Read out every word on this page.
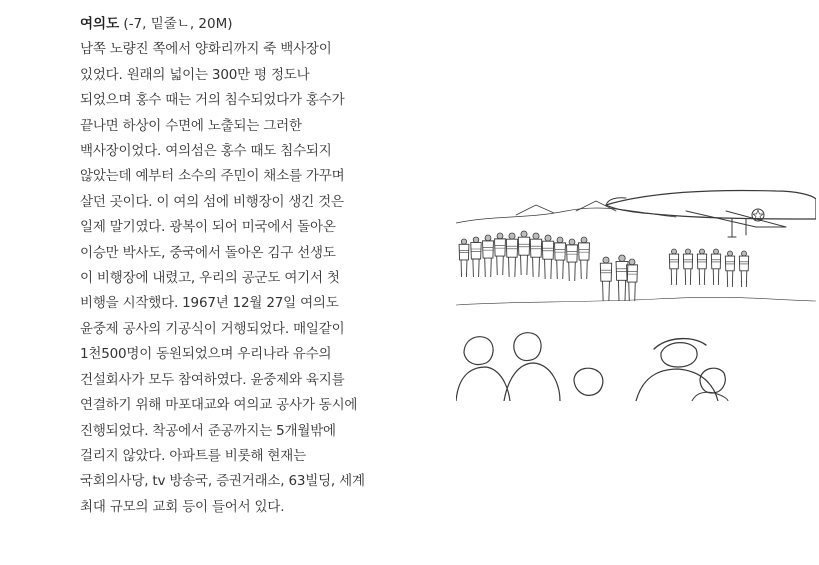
여의도 (-7, 밑줄ㄴ, 20M)
남쪽 노량진 쪽에서 양화리까지 죽 백사장이
있었다. 원래의 넓이는 300만 평 정도나
되었으며 홍수 때는 거의 침수되었다가 홍수가
끝나면 하상이 수면에 노출되는 그러한
백사장이었다. 여의섬은 홍수 때도 침수되지
않았는데 예부터 소수의 주민이 채소를 가꾸며
살던 곳이다. 이 여의 섬에 비행장이 생긴 것은
일제 말기였다. 광복이 되어 미국에서 돌아온
이승만 박사도, 중국에서 돌아온 김구 선생도
이 비행장에 내렸고, 우리의 공군도 여기서 첫
비행을 시작했다. 1967년 12월 27일 여의도
윤중제 공사의 기공식이 거행되었다. 매일같이
1천500명이 동원되었으며 우리나라 유수의
건설회사가 모두 참여하였다. 윤중제와 육지를
연결하기 위해 마포대교와 여의교 공사가 동시에
진행되었다. 착공에서 준공까지는 5개월밖에
걸리지 않았다. 아파트를 비롯해 현재는
국회의사당, tv 방송국, 증권거래소, 63빌딩, 세계
최대 규모의 교회 등이 들어서 있다.
